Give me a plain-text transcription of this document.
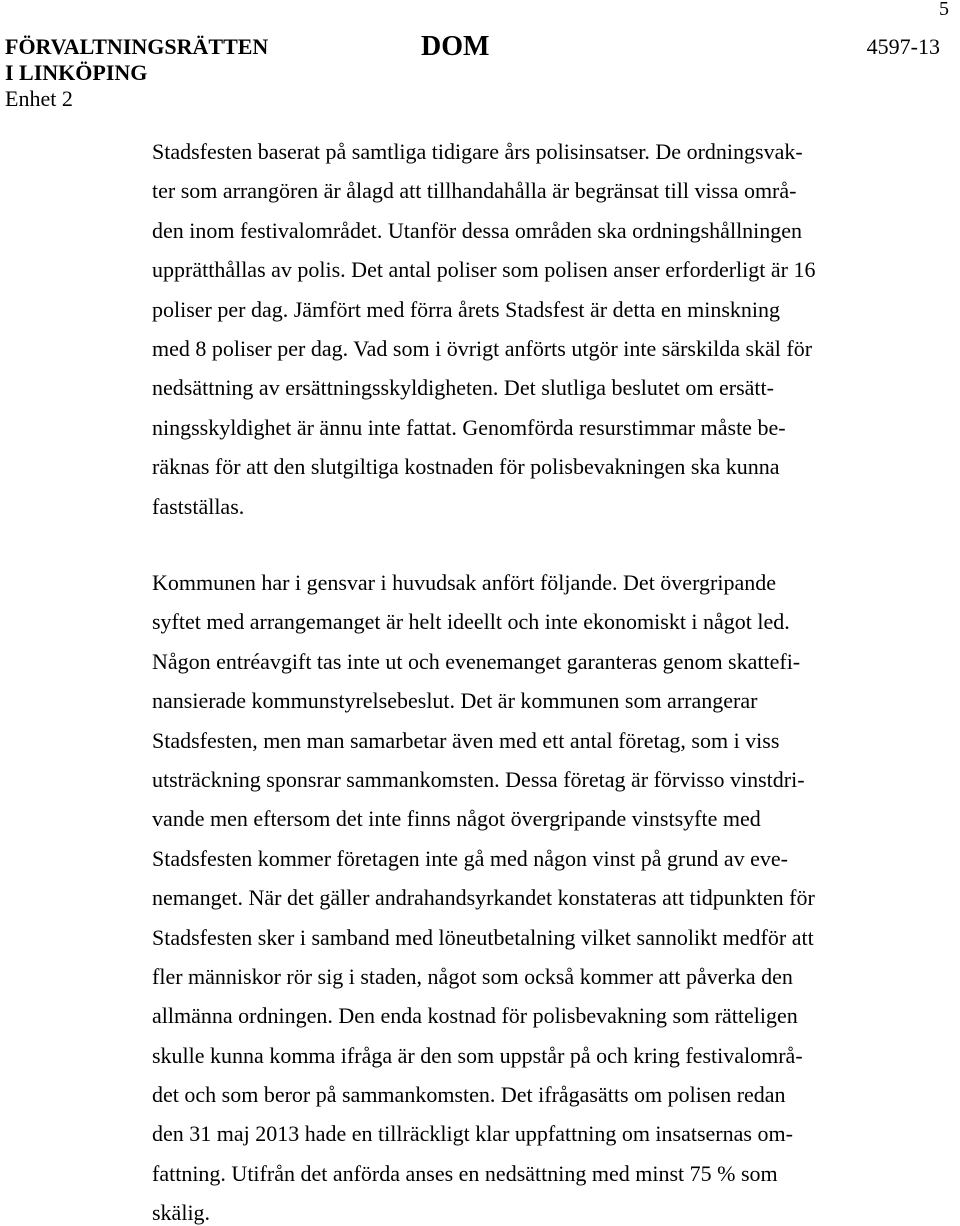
5
FÖRVALTNINGSRÄTTEN
I LINKÖPING
Enhet 2
DOM	4597-13
Stadsfesten baserat på samtliga tidigare års polisinsatser. De ordningsvak-
ter som arrangören är ålagd att tillhandahålla är begränsat till vissa områ-
den inom festivalområdet. Utanför dessa områden ska ordningshållningen
upprätthållas av polis. Det antal poliser som polisen anser erforderligt är 16
poliser per dag. Jämfört med förra årets Stadsfest är detta en minskning
med 8 poliser per dag. Vad som i övrigt anförts utgör inte särskilda skäl för
nedsättning av ersättningsskyldigheten. Det slutliga beslutet om ersätt-
ningsskyldighet är ännu inte fattat. Genomförda resurstimmar måste be-
räknas för att den slutgiltiga kostnaden för polisbevakningen ska kunna
fastställas.
Kommunen har i gensvar i huvudsak anfört följande. Det övergripande
syftet med arrangemanget är helt ideellt och inte ekonomiskt i något led.
Någon entréavgift tas inte ut och evenemanget garanteras genom skattefi-
nansierade kommunstyrelsebeslut. Det är kommunen som arrangerar
Stadsfesten, men man samarbetar även med ett antal företag, som i viss
utsträckning sponsrar sammankomsten. Dessa företag är förvisso vinstdri-
vande men eftersom det inte finns något övergripande vinstsyfte med
Stadsfesten kommer företagen inte gå med någon vinst på grund av eve-
nemanget. När det gäller andrahandsyrkandet konstateras att tidpunkten för
Stadsfesten sker i samband med löneutbetalning vilket sannolikt medför att
fler människor rör sig i staden, något som också kommer att påverka den
allmänna ordningen. Den enda kostnad för polisbevakning som rätteligen
skulle kunna komma ifråga är den som uppstår på och kring festivalområ-
det och som beror på sammankomsten. Det ifrågasätts om polisen redan
den 31 maj 2013 hade en tillräckligt klar uppfattning om insatsernas om-
fattning. Utifrån det anförda anses en nedsättning med minst 75 % som
skälig.
